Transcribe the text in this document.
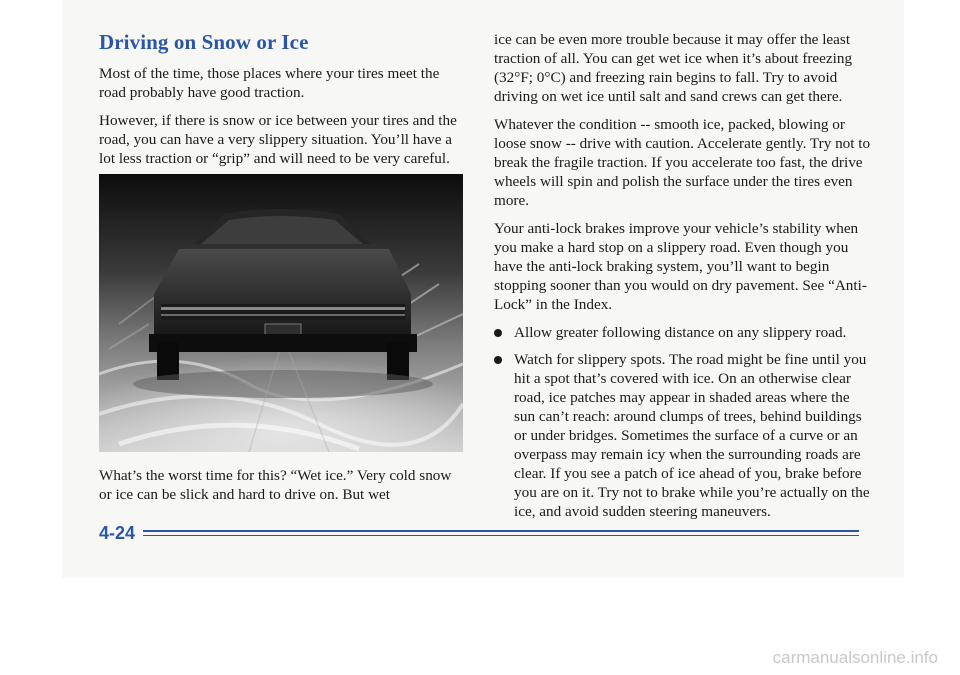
Driving on Snow or Ice

Most of the time, those places where your tires meet the road probably have good traction.

However, if there is snow or ice between your tires and the road, you can have a very slippery situation. You’ll have a lot less traction or “grip” and will need to be very careful.

What’s the worst time for this? “Wet ice.” Very cold snow or ice can be slick and hard to drive on. But wet

ice can be even more trouble because it may offer the least traction of all. You can get wet ice when it’s about freezing (32°F; 0°C) and freezing rain begins to fall. Try to avoid driving on wet ice until salt and sand crews can get there.

Whatever the condition -- smooth ice, packed, blowing or loose snow -- drive with caution. Accelerate gently. Try not to break the fragile traction. If you accelerate too fast, the drive wheels will spin and polish the surface under the tires even more.

Your anti-lock brakes improve your vehicle’s stability when you make a hard stop on a slippery road. Even though you have the anti-lock braking system, you’ll want to begin stopping sooner than you would on dry pavement. See “Anti-Lock” in the Index.

Allow greater following distance on any slippery road.
Watch for slippery spots. The road might be fine until you hit a spot that’s covered with ice. On an otherwise clear road, ice patches may appear in shaded areas where the sun can’t reach: around clumps of trees, behind buildings or under bridges. Sometimes the surface of a curve or an overpass may remain icy when the surrounding roads are clear. If you see a patch of ice ahead of you, brake before you are on it. Try not to brake while you’re actually on the ice, and avoid sudden steering maneuvers.
4-24
carmanualsonline.info
